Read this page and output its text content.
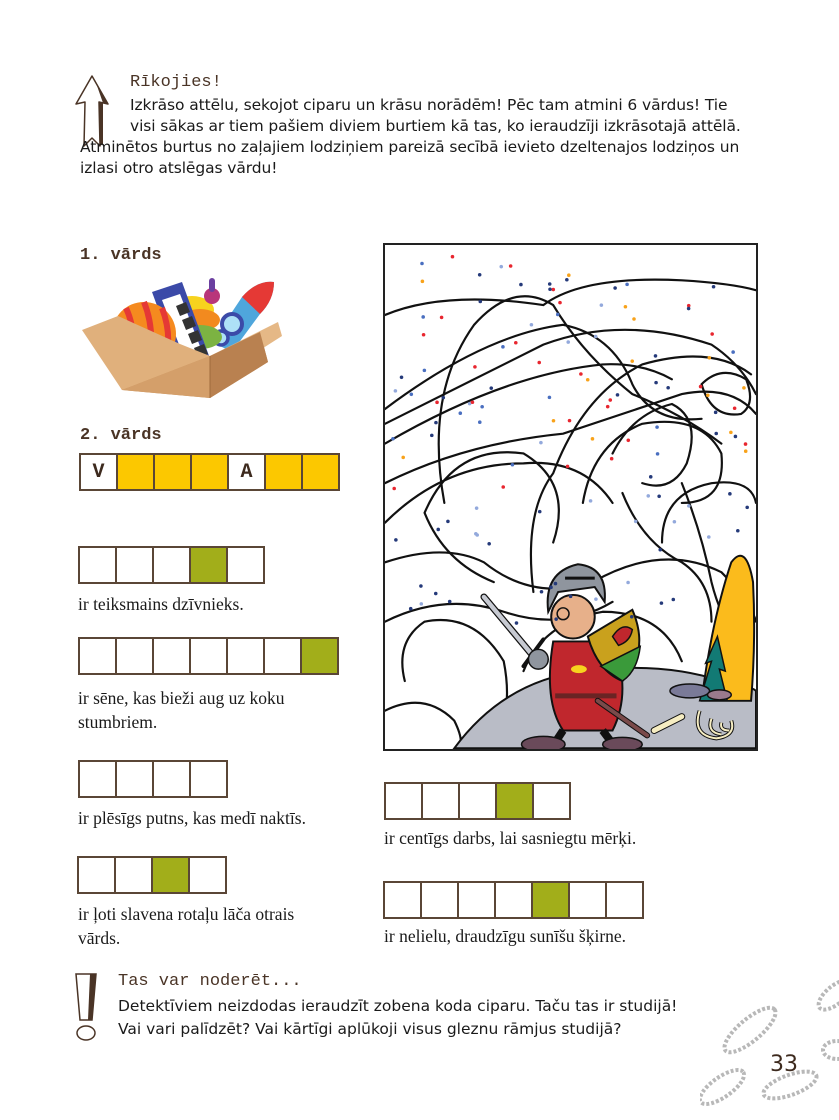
Rīkojies!
Izkrāso attēlu, sekojot ciparu un krāsu norādēm! Pēc tam atmini 6 vārdus! Tie
visi sākas ar tiem pašiem diviem burtiem kā tas, ko ieraudzīji izkrāsotajā attēlā.
Atminētos burtus no zaļajiem lodziņiem pareizā secībā ievieto dzeltenajos lodziņos un
izlasi otro atslēgas vārdu!
1. vārds
2. vārds
V	A
ir teiksmains dzīvnieks.
ir sēne, kas bieži aug uz koku
stumbriem.
ir plēsīgs putns, kas medī naktīs.
ir ļoti slavena rotaļu lāča otrais
vārds.
ir centīgs darbs, lai sasniegtu mērķi.
ir nelielu, draudzīgu sunīšu šķirne.
Tas var noderēt...
Detektīviem neizdodas ieraudzīt zobena koda ciparu. Taču tas ir studijā!
Vai vari palīdzēt? Vai kārtīgi aplūkoji visus gleznu rāmjus studijā?
33
